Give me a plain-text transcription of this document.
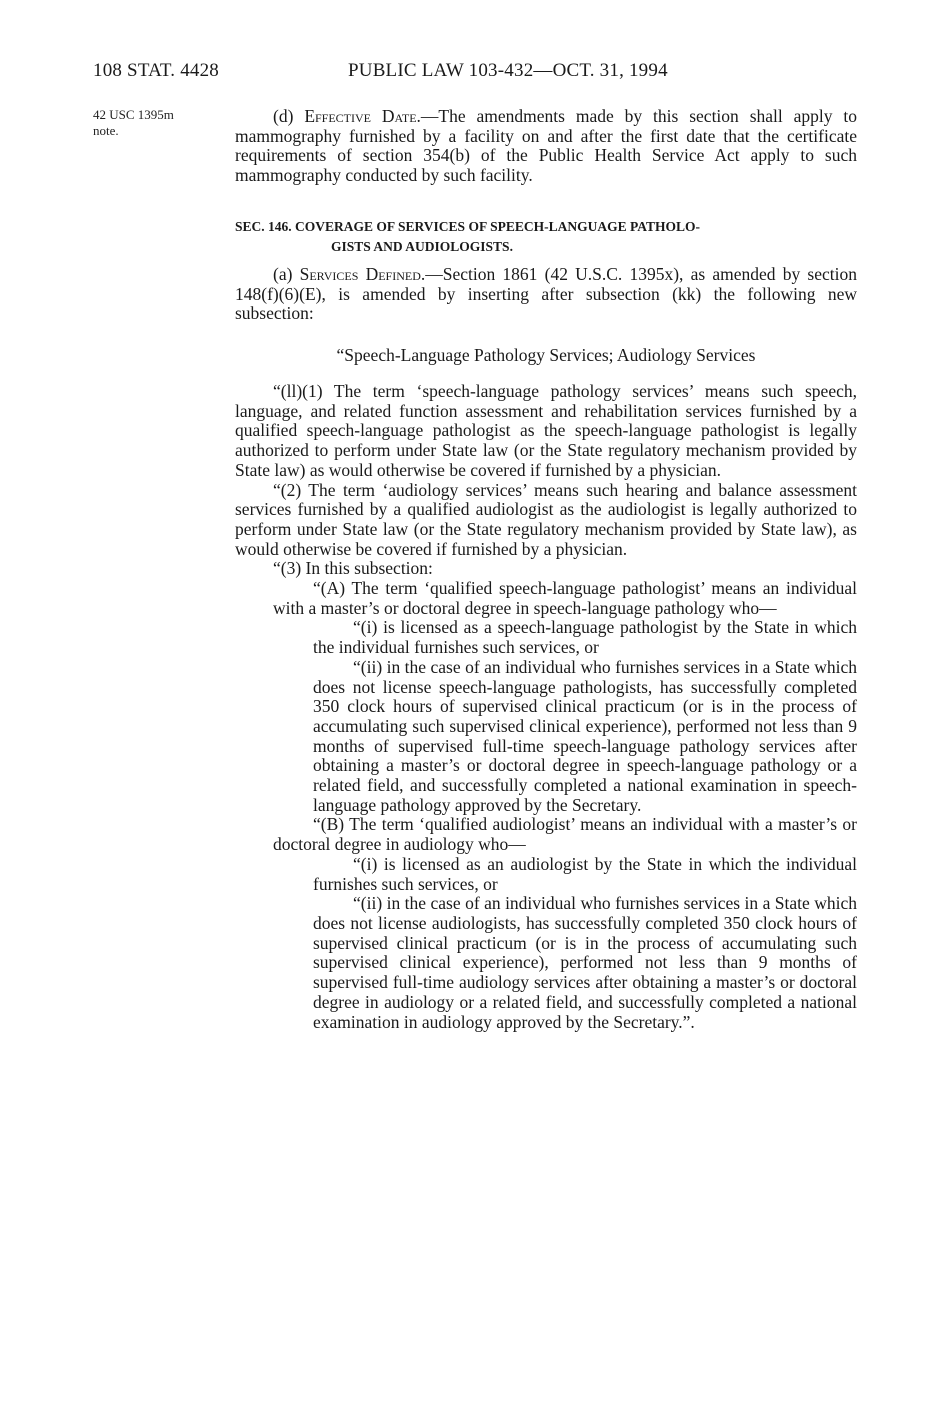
108 STAT. 4428	PUBLIC LAW 103-432—OCT. 31, 1994
42 USC 1395m
note.

(d) Effective Date.—The amendments made by this section shall apply to mammography furnished by a facility on and after the first date that the certificate requirements of section 354(b) of the Public Health Service Act apply to such mammography conducted by such facility.

SEC. 146. COVERAGE OF SERVICES OF SPEECH-LANGUAGE PATHOLO-
GISTS AND AUDIOLOGISTS.

(a) Services Defined.—Section 1861 (42 U.S.C. 1395x), as amended by section 148(f)(6)(E), is amended by inserting after subsection (kk) the following new subsection:

“Speech-Language Pathology Services; Audiology Services

“(ll)(1) The term ‘speech-language pathology services’ means such speech, language, and related function assessment and rehabilitation services furnished by a qualified speech-language pathologist as the speech-language pathologist is legally authorized to perform under State law (or the State regulatory mechanism provided by State law) as would otherwise be covered if furnished by a physician.

“(2) The term ‘audiology services’ means such hearing and balance assessment services furnished by a qualified audiologist as the audiologist is legally authorized to perform under State law (or the State regulatory mechanism provided by State law), as would otherwise be covered if furnished by a physician.

“(3) In this subsection:

“(A) The term ‘qualified speech-language pathologist’ means an individual with a master’s or doctoral degree in speech-language pathology who—

“(i) is licensed as a speech-language pathologist by the State in which the individual furnishes such services, or

“(ii) in the case of an individual who furnishes services in a State which does not license speech-language pathologists, has successfully completed 350 clock hours of supervised clinical practicum (or is in the process of accumulating such supervised clinical experience), performed not less than 9 months of supervised full-time speech-language pathology services after obtaining a master’s or doctoral degree in speech-language pathology or a related field, and successfully completed a national examination in speech-language pathology approved by the Secretary.

“(B) The term ‘qualified audiologist’ means an individual with a master’s or doctoral degree in audiology who—

“(i) is licensed as an audiologist by the State in which the individual furnishes such services, or

“(ii) in the case of an individual who furnishes services in a State which does not license audiologists, has successfully completed 350 clock hours of supervised clinical practicum (or is in the process of accumulating such supervised clinical experience), performed not less than 9 months of supervised full-time audiology services after obtaining a master’s or doctoral degree in audiology or a related field, and successfully completed a national examination in audiology approved by the Secretary.”.
